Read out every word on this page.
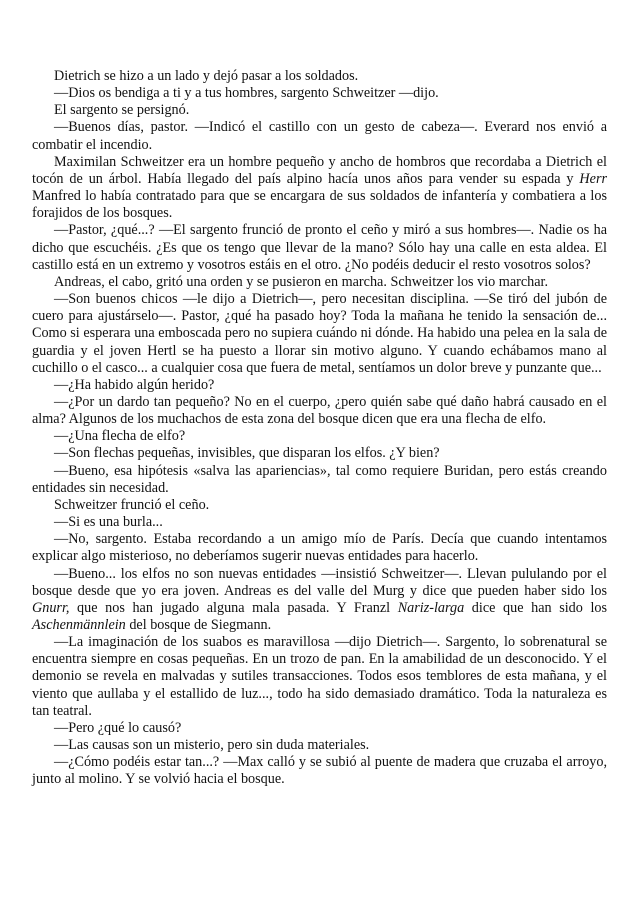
Dietrich se hizo a un lado y dejó pasar a los soldados.

—Dios os bendiga a ti y a tus hombres, sargento Schweitzer —dijo.

El sargento se persignó.

—Buenos días, pastor. —Indicó el castillo con un gesto de cabeza—. Everard nos envió a combatir el incendio.

Maximilan Schweitzer era un hombre pequeño y ancho de hombros que recordaba a Dietrich el tocón de un árbol. Había llegado del país alpino hacía unos años para vender su espada y Herr Manfred lo había contratado para que se encargara de sus soldados de infantería y combatiera a los forajidos de los bosques.

—Pastor, ¿qué...? —El sargento frunció de pronto el ceño y miró a sus hombres—. Nadie os ha dicho que escuchéis. ¿Es que os tengo que llevar de la mano? Sólo hay una calle en esta aldea. El castillo está en un extremo y vosotros estáis en el otro. ¿No podéis deducir el resto vosotros solos?

Andreas, el cabo, gritó una orden y se pusieron en marcha. Schweitzer los vio marchar.

—Son buenos chicos —le dijo a Dietrich—, pero necesitan disciplina. —Se tiró del jubón de cuero para ajustárselo—. Pastor, ¿qué ha pasado hoy? Toda la mañana he tenido la sensación de... Como si esperara una emboscada pero no supiera cuándo ni dónde. Ha habido una pelea en la sala de guardia y el joven Hertl se ha puesto a llorar sin motivo alguno. Y cuando echábamos mano al cuchillo o el casco... a cualquier cosa que fuera de metal, sentíamos un dolor breve y punzante que...

—¿Ha habido algún herido?

—¿Por un dardo tan pequeño? No en el cuerpo, ¿pero quién sabe qué daño habrá causado en el alma? Algunos de los muchachos de esta zona del bosque dicen que era una flecha de elfo.

—¿Una flecha de elfo?

—Son flechas pequeñas, invisibles, que disparan los elfos. ¿Y bien?

—Bueno, esa hipótesis «salva las apariencias», tal como requiere Buridan, pero estás creando entidades sin necesidad.

Schweitzer frunció el ceño.

—Si es una burla...

—No, sargento. Estaba recordando a un amigo mío de París. Decía que cuando intentamos explicar algo misterioso, no deberíamos sugerir nuevas entidades para hacerlo.

—Bueno... los elfos no son nuevas entidades —insistió Schweitzer—. Llevan pululando por el bosque desde que yo era joven. Andreas es del valle del Murg y dice que pueden haber sido los Gnurr, que nos han jugado alguna mala pasada. Y Franzl Nariz-larga dice que han sido los Aschenmännlein del bosque de Siegmann.

—La imaginación de los suabos es maravillosa —dijo Dietrich—. Sargento, lo sobrenatural se encuentra siempre en cosas pequeñas. En un trozo de pan. En la amabilidad de un desconocido. Y el demonio se revela en malvadas y sutiles transacciones. Todos esos temblores de esta mañana, y el viento que aullaba y el estallido de luz..., todo ha sido demasiado dramático. Toda la naturaleza es tan teatral.

—Pero ¿qué lo causó?

—Las causas son un misterio, pero sin duda materiales.

—¿Cómo podéis estar tan...? —Max calló y se subió al puente de madera que cruzaba el arroyo, junto al molino. Y se volvió hacia el bosque.
